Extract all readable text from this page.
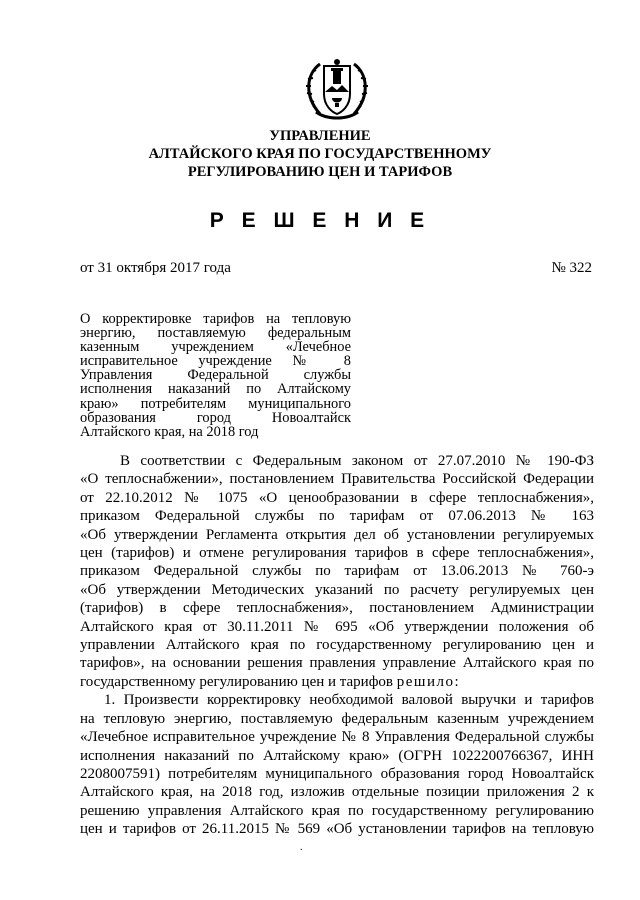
УПРАВЛЕНИЕ
АЛТАЙСКОГО КРАЯ ПО ГОСУДАРСТВЕННОМУ
РЕГУЛИРОВАНИЮ ЦЕН И ТАРИФОВ
Р Е Ш Е Н И Е
от 31 октября 2017 года	№ 322
О корректировке тарифов на тепловую
энергию, поставляемую федеральным
казенным учреждением «Лечебное
исправительное учреждение № 8
Управления Федеральной службы
исполнения наказаний по Алтайскому
краю» потребителям муниципального
образования город Новоалтайск
Алтайского края, на 2018 год
В соответствии с Федеральным законом от 27.07.2010 № 190-ФЗ
«О теплоснабжении», постановлением Правительства Российской Федерации
от 22.10.2012 № 1075 «О ценообразовании в сфере теплоснабжения»,
приказом Федеральной службы по тарифам от 07.06.2013 № 163
«Об утверждении Регламента открытия дел об установлении регулируемых
цен (тарифов) и отмене регулирования тарифов в сфере теплоснабжения»,
приказом Федеральной службы по тарифам от 13.06.2013 № 760-э
«Об утверждении Методических указаний по расчету регулируемых цен
(тарифов) в сфере теплоснабжения», постановлением Администрации
Алтайского края от 30.11.2011 № 695 «Об утверждении положения об
управлении Алтайского края по государственному регулированию цен и
тарифов», на основании решения правления управление Алтайского края по
государственному регулированию цен и тарифов решило:
1. Произвести корректировку необходимой валовой выручки и тарифов
на тепловую энергию, поставляемую федеральным казенным учреждением
«Лечебное исправительное учреждение № 8 Управления Федеральной службы
исполнения наказаний по Алтайскому краю» (ОГРН 1022200766367, ИНН
2208007591) потребителям муниципального образования город Новоалтайск
Алтайского края, на 2018 год, изложив отдельные позиции приложения 2 к
решению управления Алтайского края по государственному регулированию
цен и тарифов от 26.11.2015 № 569 «Об установлении тарифов на тепловую
.
